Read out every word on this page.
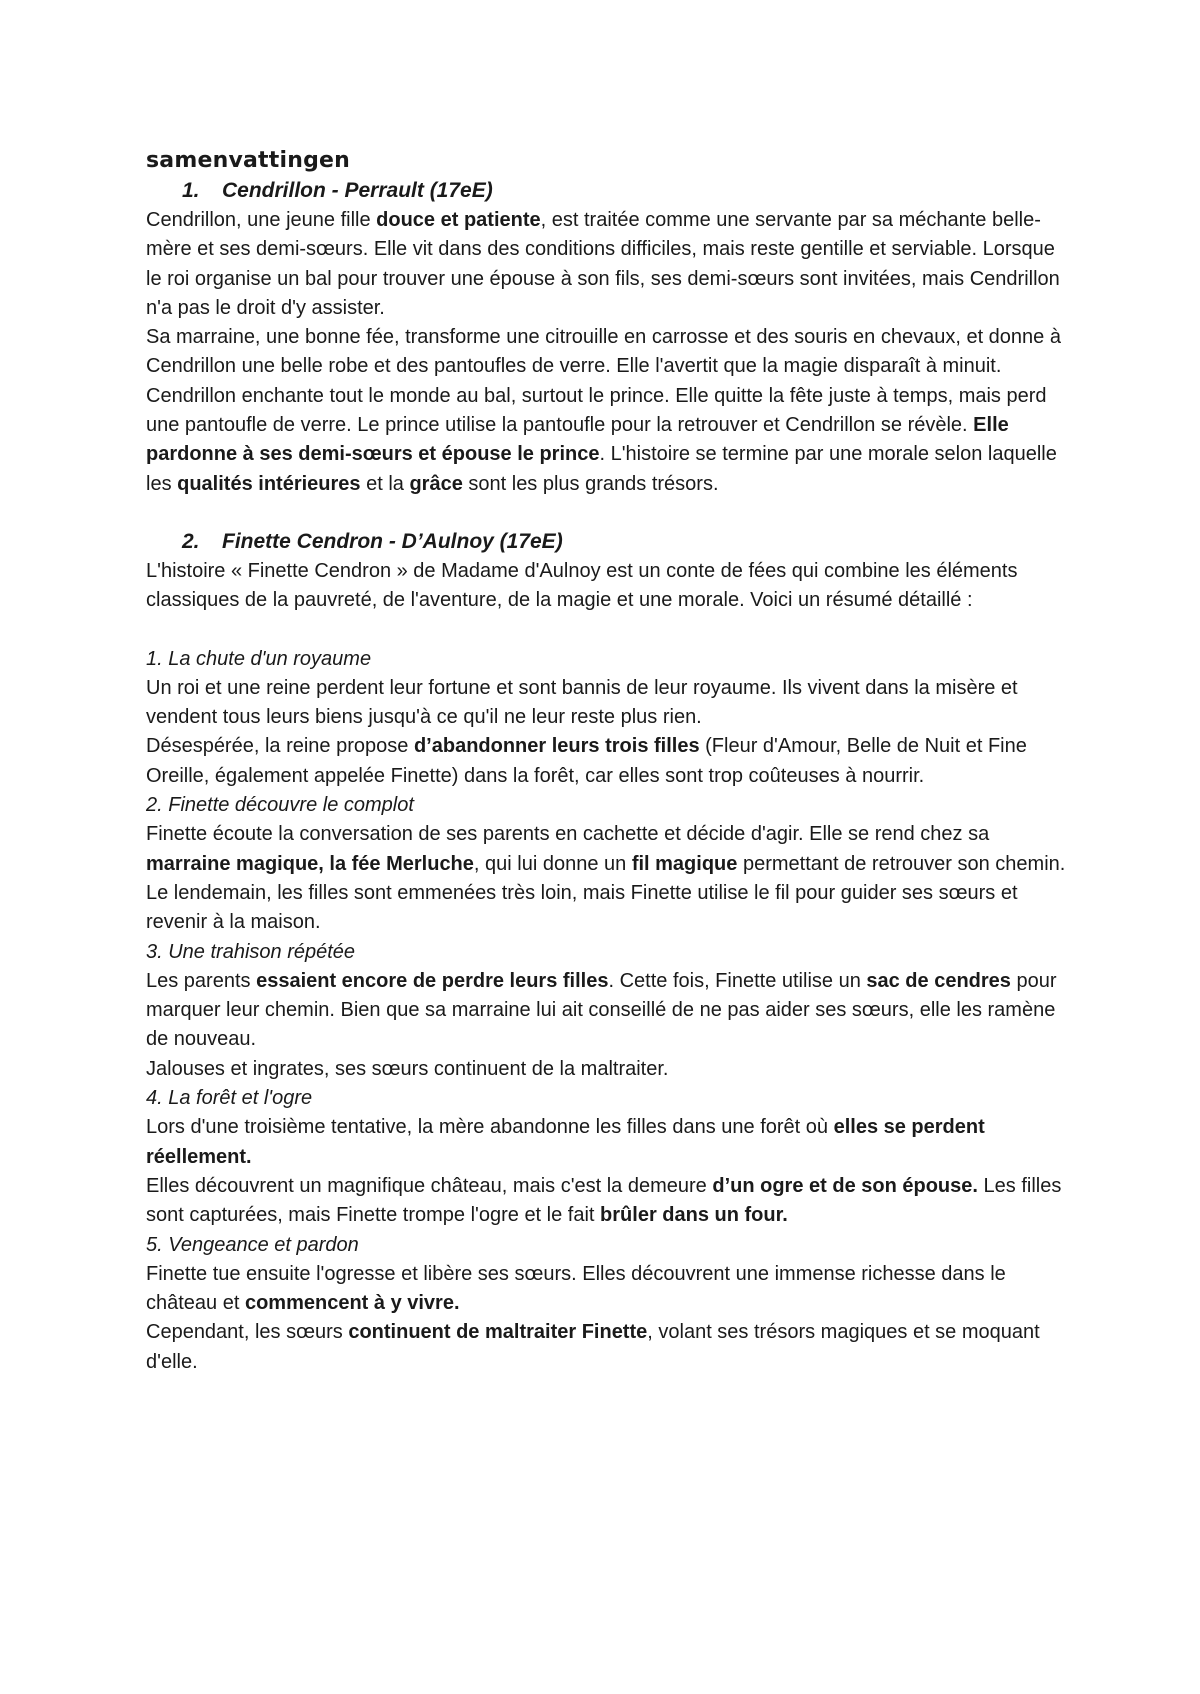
samenvattingen
1. Cendrillon - Perrault (17eE)

Cendrillon, une jeune fille douce et patiente, est traitée comme une servante par sa méchante belle-mère et ses demi-sœurs. Elle vit dans des conditions difficiles, mais reste gentille et serviable. Lorsque le roi organise un bal pour trouver une épouse à son fils, ses demi-sœurs sont invitées, mais Cendrillon n'a pas le droit d'y assister.

Sa marraine, une bonne fée, transforme une citrouille en carrosse et des souris en chevaux, et donne à Cendrillon une belle robe et des pantoufles de verre. Elle l'avertit que la magie disparaît à minuit.

Cendrillon enchante tout le monde au bal, surtout le prince. Elle quitte la fête juste à temps, mais perd une pantoufle de verre. Le prince utilise la pantoufle pour la retrouver et Cendrillon se révèle. Elle pardonne à ses demi-sœurs et épouse le prince. L'histoire se termine par une morale selon laquelle les qualités intérieures et la grâce sont les plus grands trésors.

2. Finette Cendron - D’Aulnoy (17eE)

L'histoire « Finette Cendron » de Madame d'Aulnoy est un conte de fées qui combine les éléments classiques de la pauvreté, de l'aventure, de la magie et une morale. Voici un résumé détaillé :

1. La chute d'un royaume

Un roi et une reine perdent leur fortune et sont bannis de leur royaume. Ils vivent dans la misère et vendent tous leurs biens jusqu'à ce qu'il ne leur reste plus rien.

Désespérée, la reine propose d’abandonner leurs trois filles (Fleur d'Amour, Belle de Nuit et Fine Oreille, également appelée Finette) dans la forêt, car elles sont trop coûteuses à nourrir.

2. Finette découvre le complot

Finette écoute la conversation de ses parents en cachette et décide d'agir. Elle se rend chez sa marraine magique, la fée Merluche, qui lui donne un fil magique permettant de retrouver son chemin.

Le lendemain, les filles sont emmenées très loin, mais Finette utilise le fil pour guider ses sœurs et revenir à la maison.

3. Une trahison répétée

Les parents essaient encore de perdre leurs filles. Cette fois, Finette utilise un sac de cendres pour marquer leur chemin. Bien que sa marraine lui ait conseillé de ne pas aider ses sœurs, elle les ramène de nouveau.

Jalouses et ingrates, ses sœurs continuent de la maltraiter.

4. La forêt et l'ogre

Lors d'une troisième tentative, la mère abandonne les filles dans une forêt où elles se perdent réellement.

Elles découvrent un magnifique château, mais c'est la demeure d’un ogre et de son épouse. Les filles sont capturées, mais Finette trompe l'ogre et le fait brûler dans un four.

5. Vengeance et pardon

Finette tue ensuite l'ogresse et libère ses sœurs. Elles découvrent une immense richesse dans le château et commencent à y vivre.

Cependant, les sœurs continuent de maltraiter Finette, volant ses trésors magiques et se moquant d'elle.
